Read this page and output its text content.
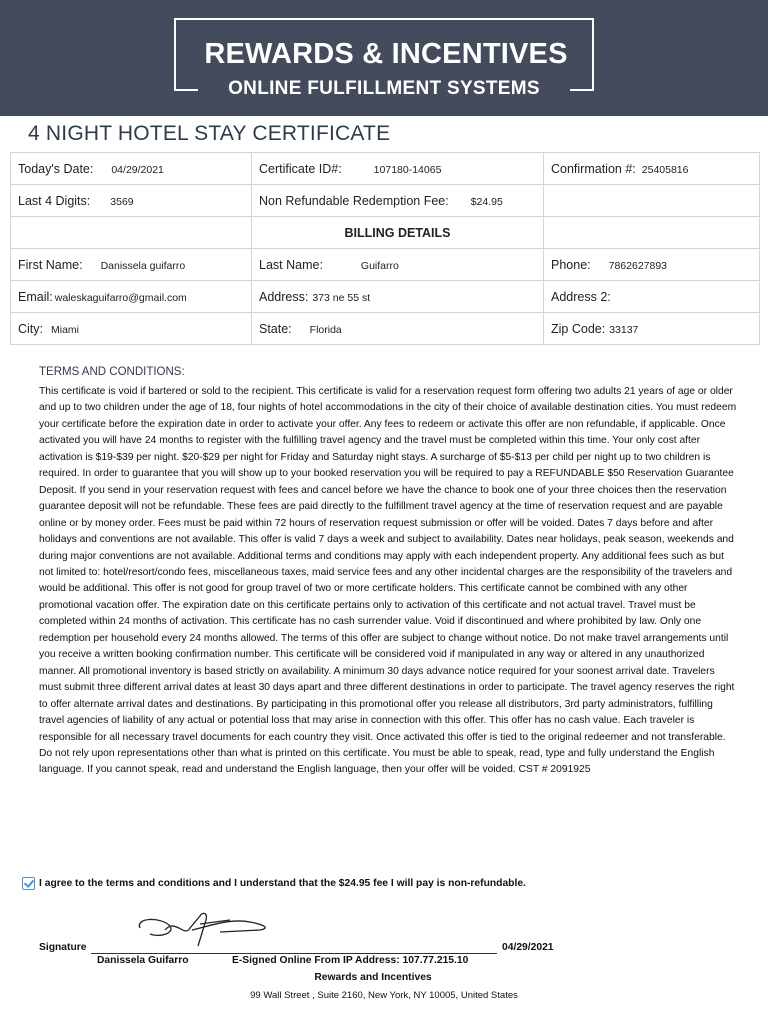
REWARDS & INCENTIVES
ONLINE FULFILLMENT SYSTEMS
4 NIGHT HOTEL STAY CERTIFICATE
Today's Date: 04/29/2021	Certificate ID#: 107180-14065	Confirmation #: 25405816
Last 4 Digits: 3569	Non Refundable Redemption Fee: $24.95	
	BILLING DETAILS	
First Name: Danissela guifarro	Last Name: Guifarro	Phone: 7862627893
Email: waleskaguifarro@gmail.com	Address: 373 ne 55 st	Address 2:
City: Miami	State: Florida	Zip Code: 33137
TERMS AND CONDITIONS:
This certificate is void if bartered or sold to the recipient. This certificate is valid for a reservation request form offering two adults 21 years of age or older and up to two children under the age of 18, four nights of hotel accommodations in the city of their choice of available destination cities. You must redeem your certificate before the expiration date in order to activate your offer. Any fees to redeem or activate this offer are non refundable, if applicable. Once activated you will have 24 months to register with the fulfilling travel agency and the travel must be completed within this time. Your only cost after activation is $19-$39 per night. $20-$29 per night for Friday and Saturday night stays. A surcharge of $5-$13 per child per night up to two children is required. In order to guarantee that you will show up to your booked reservation you will be required to pay a REFUNDABLE $50 Reservation Guarantee Deposit. If you send in your reservation request with fees and cancel before we have the chance to book one of your three choices then the reservation guarantee deposit will not be refundable. These fees are paid directly to the fulfillment travel agency at the time of reservation request and are payable online or by money order. Fees must be paid within 72 hours of reservation request submission or offer will be voided. Dates 7 days before and after holidays and conventions are not available. This offer is valid 7 days a week and subject to availability. Dates near holidays, peak season, weekends and during major conventions are not available. Additional terms and conditions may apply with each independent property. Any additional fees such as but not limited to: hotel/resort/condo fees, miscellaneous taxes, maid service fees and any other incidental charges are the responsibility of the travelers and would be additional. This offer is not good for group travel of two or more certificate holders. This certificate cannot be combined with any other promotional vacation offer. The expiration date on this certificate pertains only to activation of this certificate and not actual travel. Travel must be completed within 24 months of activation. This certificate has no cash surrender value. Void if discontinued and where prohibited by law. Only one redemption per household every 24 months allowed. The terms of this offer are subject to change without notice. Do not make travel arrangements until you receive a written booking confirmation number. This certificate will be considered void if manipulated in any way or altered in any unauthorized manner. All promotional inventory is based strictly on availability. A minimum 30 days advance notice required for your soonest arrival date. Travelers must submit three different arrival dates at least 30 days apart and three different destinations in order to participate. The travel agency reserves the right to offer alternate arrival dates and destinations. By participating in this promotional offer you release all distributors, 3rd party administrators, fulfilling travel agencies of liability of any actual or potential loss that may arise in connection with this offer. This offer has no cash value. Each traveler is responsible for all necessary travel documents for each country they visit. Once activated this offer is tied to the original redeemer and not transferable. Do not rely upon representations other than what is printed on this certificate. You must be able to speak, read, type and fully understand the English language. If you cannot speak, read and understand the English language, then your offer will be voided. CST # 2091925
I agree to the terms and conditions and I understand that the $24.95 fee I will pay is non-refundable.
Signature	04/29/2021
Danissela Guifarro	E-Signed Online From IP Address: 107.77.215.10
Rewards and Incentives
99 Wall Street , Suite 2160, New York, NY 10005, United States
